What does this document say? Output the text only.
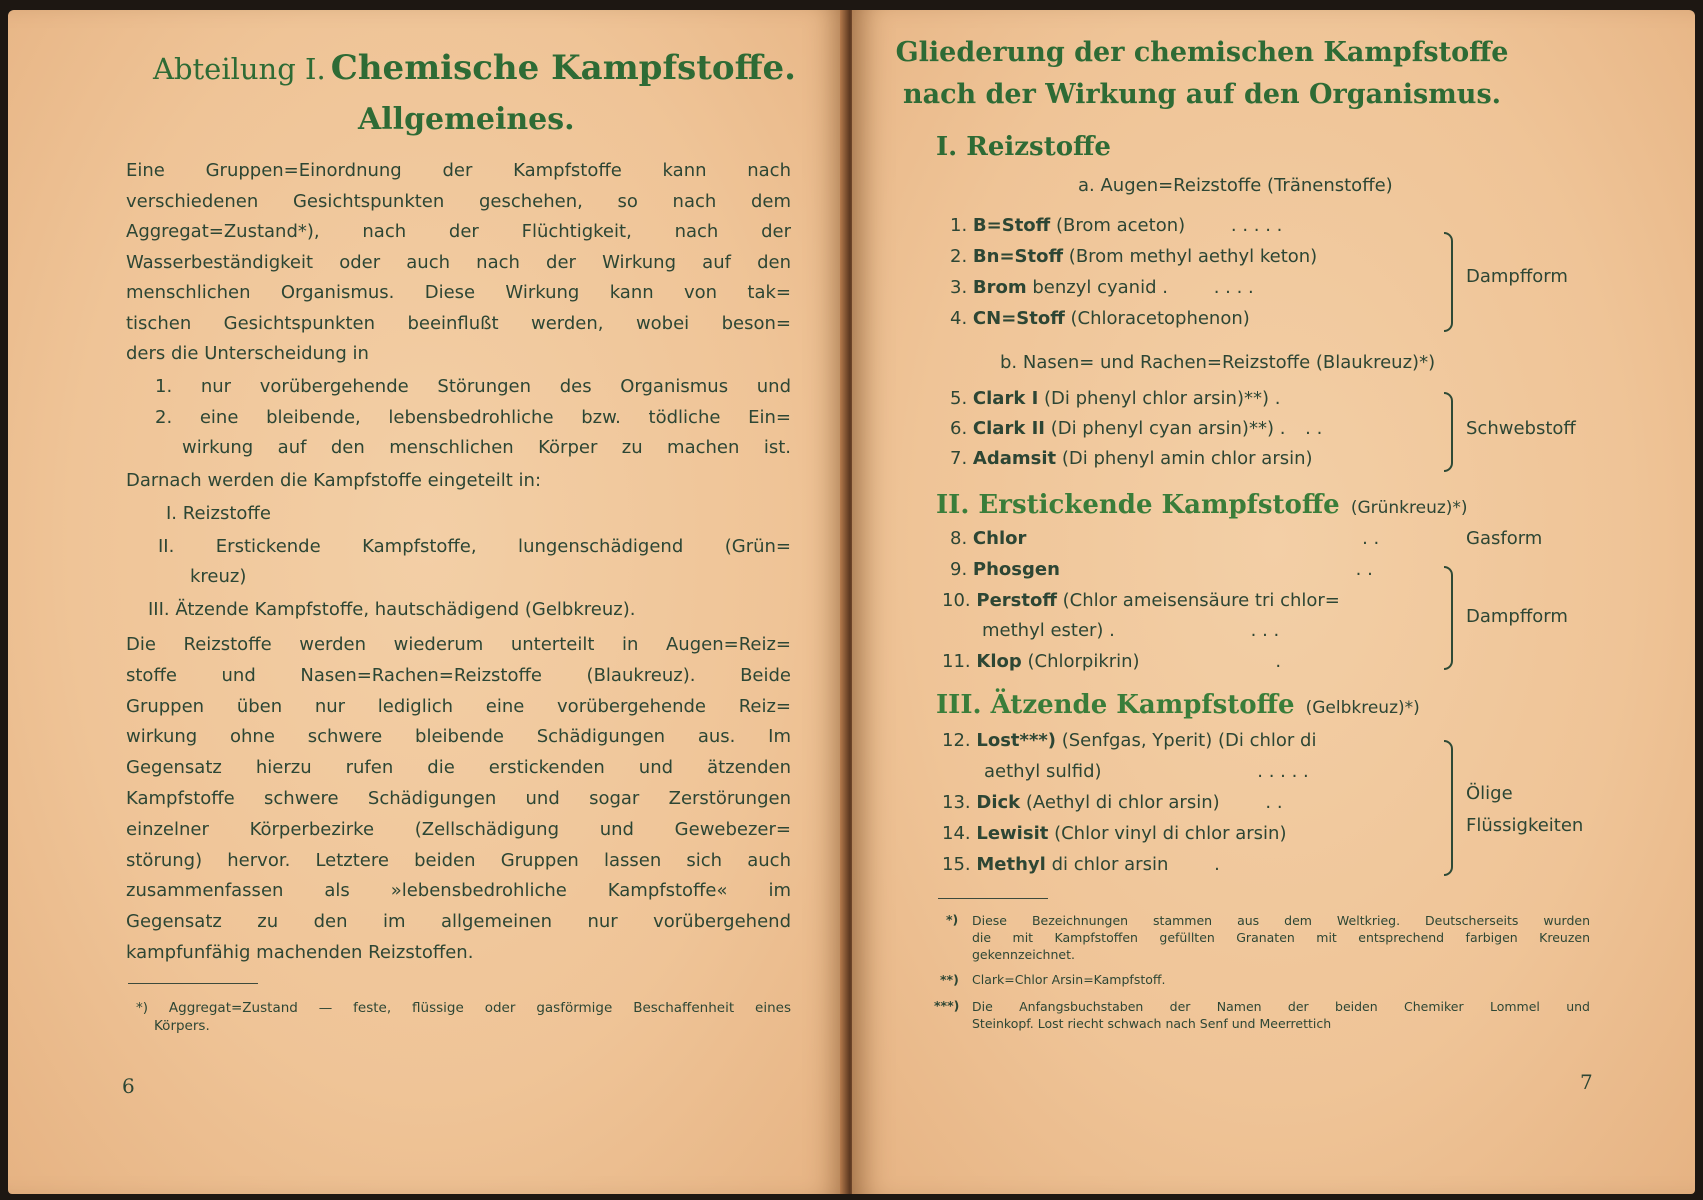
Abteilung I. Chemische Kampfstoffe.
Allgemeines.
Eine Gruppen=Einordnung der Kampfstoffe kann nach
verschiedenen Gesichtspunkten geschehen, so nach dem
Aggregat=Zustand*), nach der Flüchtigkeit, nach der
Wasserbeständigkeit oder auch nach der Wirkung auf den
menschlichen Organismus. Diese Wirkung kann von tak=
tischen Gesichtspunkten beeinflußt werden, wobei beson=
ders die Unterscheidung in
1. nur vorübergehende Störungen des Organismus und
2. eine bleibende, lebensbedrohliche bzw. tödliche Ein=
wirkung auf den menschlichen Körper zu machen ist.
Darnach werden die Kampfstoffe eingeteilt in:
I. Reizstoffe
II. Erstickende Kampfstoffe, lungenschädigend (Grün=
kreuz)
III. Ätzende Kampfstoffe, hautschädigend (Gelbkreuz).
Die Reizstoffe werden wiederum unterteilt in Augen=Reiz=
stoffe und Nasen=Rachen=Reizstoffe (Blaukreuz). Beide
Gruppen üben nur lediglich eine vorübergehende Reiz=
wirkung ohne schwere bleibende Schädigungen aus. Im
Gegensatz hierzu rufen die erstickenden und ätzenden
Kampfstoffe schwere Schädigungen und sogar Zerstörungen
einzelner Körperbezirke (Zellschädigung und Gewebezer=
störung) hervor. Letztere beiden Gruppen lassen sich auch
zusammenfassen als »lebensbedrohliche Kampfstoffe« im
Gegensatz zu den im allgemeinen nur vorübergehend
kampfunfähig machenden Reizstoffen.
*) Aggregat=Zustand — feste, flüssige oder gasförmige Beschaffenheit eines
Körpers.
6
Gliederung der chemischen Kampfstoffe
nach der Wirkung auf den Organismus.
I. Reizstoffe
a. Augen=Reizstoffe (Tränenstoffe)
1. B=Stoff (Brom aceton)	. . . . .
2. Bn=Stoff (Brom methyl aethyl keton)
3. Brom benzyl cyanid .	. . . .
4. CN=Stoff (Chloracetophenon)
Dampfform
b. Nasen= und Rachen=Reizstoffe (Blaukreuz)*)
5. Clark I (Di phenyl chlor arsin)**) .
6. Clark II (Di phenyl cyan arsin)**) . . .
7. Adamsit (Di phenyl amin chlor arsin)
Schwebstoff
II. Erstickende Kampfstoffe (Grünkreuz)*)
8. Chlor	. .	Gasform
9. Phosgen	. .
10. Perstoff (Chlor ameisensäure tri chlor=
methyl ester) .	. . .
11. Klop (Chlorpikrin)	.
Dampfform
III. Ätzende Kampfstoffe (Gelbkreuz)*)
12. Lost***) (Senfgas, Yperit) (Di chlor di
aethyl sulfid)	. . . . .
13. Dick (Aethyl di chlor arsin)	. .
14. Lewisit (Chlor vinyl di chlor arsin)
15. Methyl di chlor arsin	.
Ölige
Flüssigkeiten
*) Diese Bezeichnungen stammen aus dem Weltkrieg. Deutscherseits wurden
die mit Kampfstoffen gefüllten Granaten mit entsprechend farbigen Kreuzen
gekennzeichnet.
**) Clark=Chlor Arsin=Kampfstoff.
***) Die Anfangsbuchstaben der Namen der beiden Chemiker Lommel und
Steinkopf. Lost riecht schwach nach Senf und Meerrettich
7
